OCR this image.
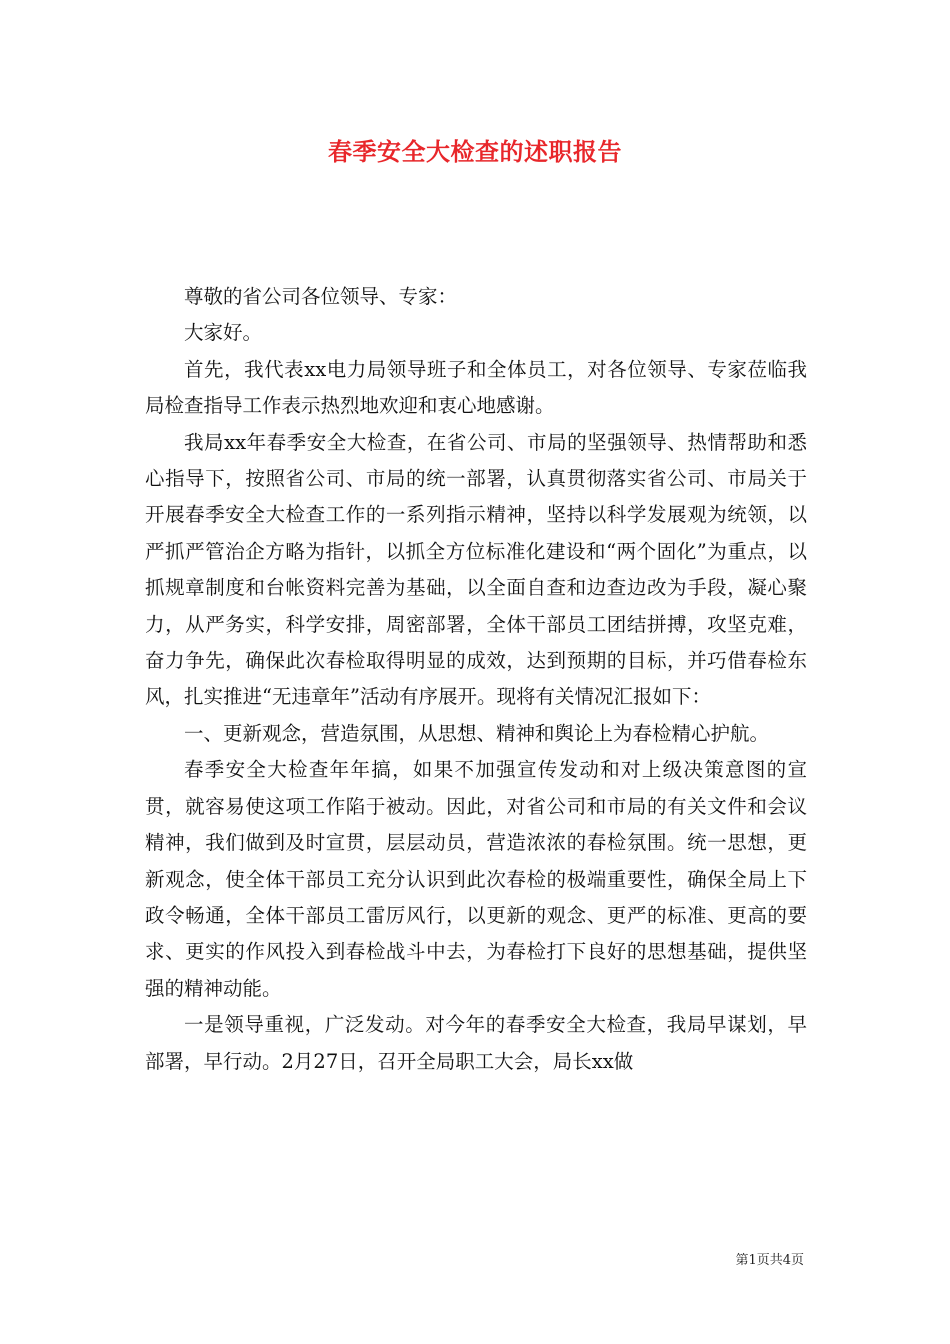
春季安全大检查的述职报告

尊敬的省公司各位领导、专家：

大家好。

首先，我代表xx电力局领导班子和全体员工，对各位领导、专家莅临我局检查指导工作表示热烈地欢迎和衷心地感谢。

我局xx年春季安全大检查，在省公司、市局的坚强领导、热情帮助和悉心指导下，按照省公司、市局的统一部署，认真贯彻落实省公司、市局关于开展春季安全大检查工作的一系列指示精神，坚持以科学发展观为统领，以严抓严管治企方略为指针，以抓全方位标准化建设和“两个固化”为重点，以抓规章制度和台帐资料完善为基础，以全面自查和边查边改为手段，凝心聚力，从严务实，科学安排，周密部署，全体干部员工团结拼搏，攻坚克难，奋力争先，确保此次春检取得明显的成效，达到预期的目标，并巧借春检东风，扎实推进“无违章年”活动有序展开。现将有关情况汇报如下：

一、更新观念，营造氛围，从思想、精神和舆论上为春检精心护航。

春季安全大检查年年搞，如果不加强宣传发动和对上级决策意图的宣贯，就容易使这项工作陷于被动。因此，对省公司和市局的有关文件和会议精神，我们做到及时宣贯，层层动员，营造浓浓的春检氛围。统一思想，更新观念，使全体干部员工充分认识到此次春检的极端重要性，确保全局上下政令畅通，全体干部员工雷厉风行，以更新的观念、更严的标准、更高的要求、更实的作风投入到春检战斗中去，为春检打下良好的思想基础，提供坚强的精神动能。

一是领导重视，广泛发动。对今年的春季安全大检查，我局早谋划，早部署，早行动。2月27日，召开全局职工大会，局长xx做

第1页共4页
